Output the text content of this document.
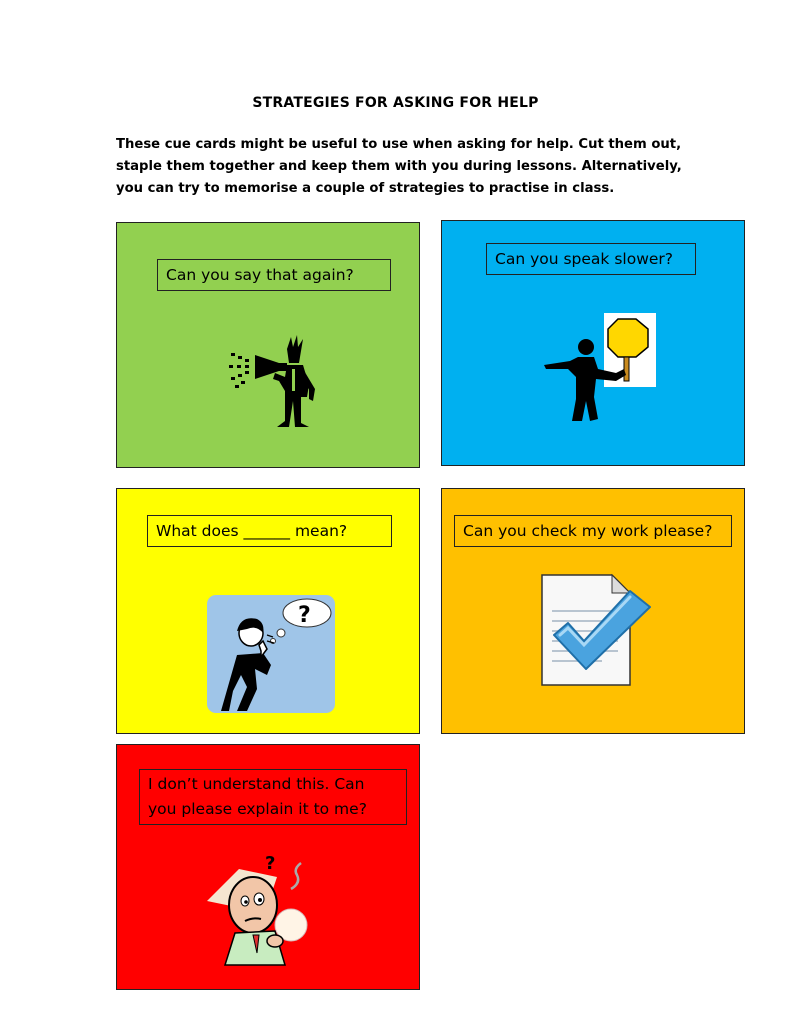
STRATEGIES FOR ASKING FOR HELP
These cue cards might be useful to use when asking for help. Cut them out,
staple them together and keep them with you during lessons. Alternatively,
you can try to memorise a couple of strategies to practise in class.
Can you say that again?
Can you speak slower?
What does ______ mean?
?
Can you check my work please?
I don’t understand this. Can
you please explain it to me?
?
